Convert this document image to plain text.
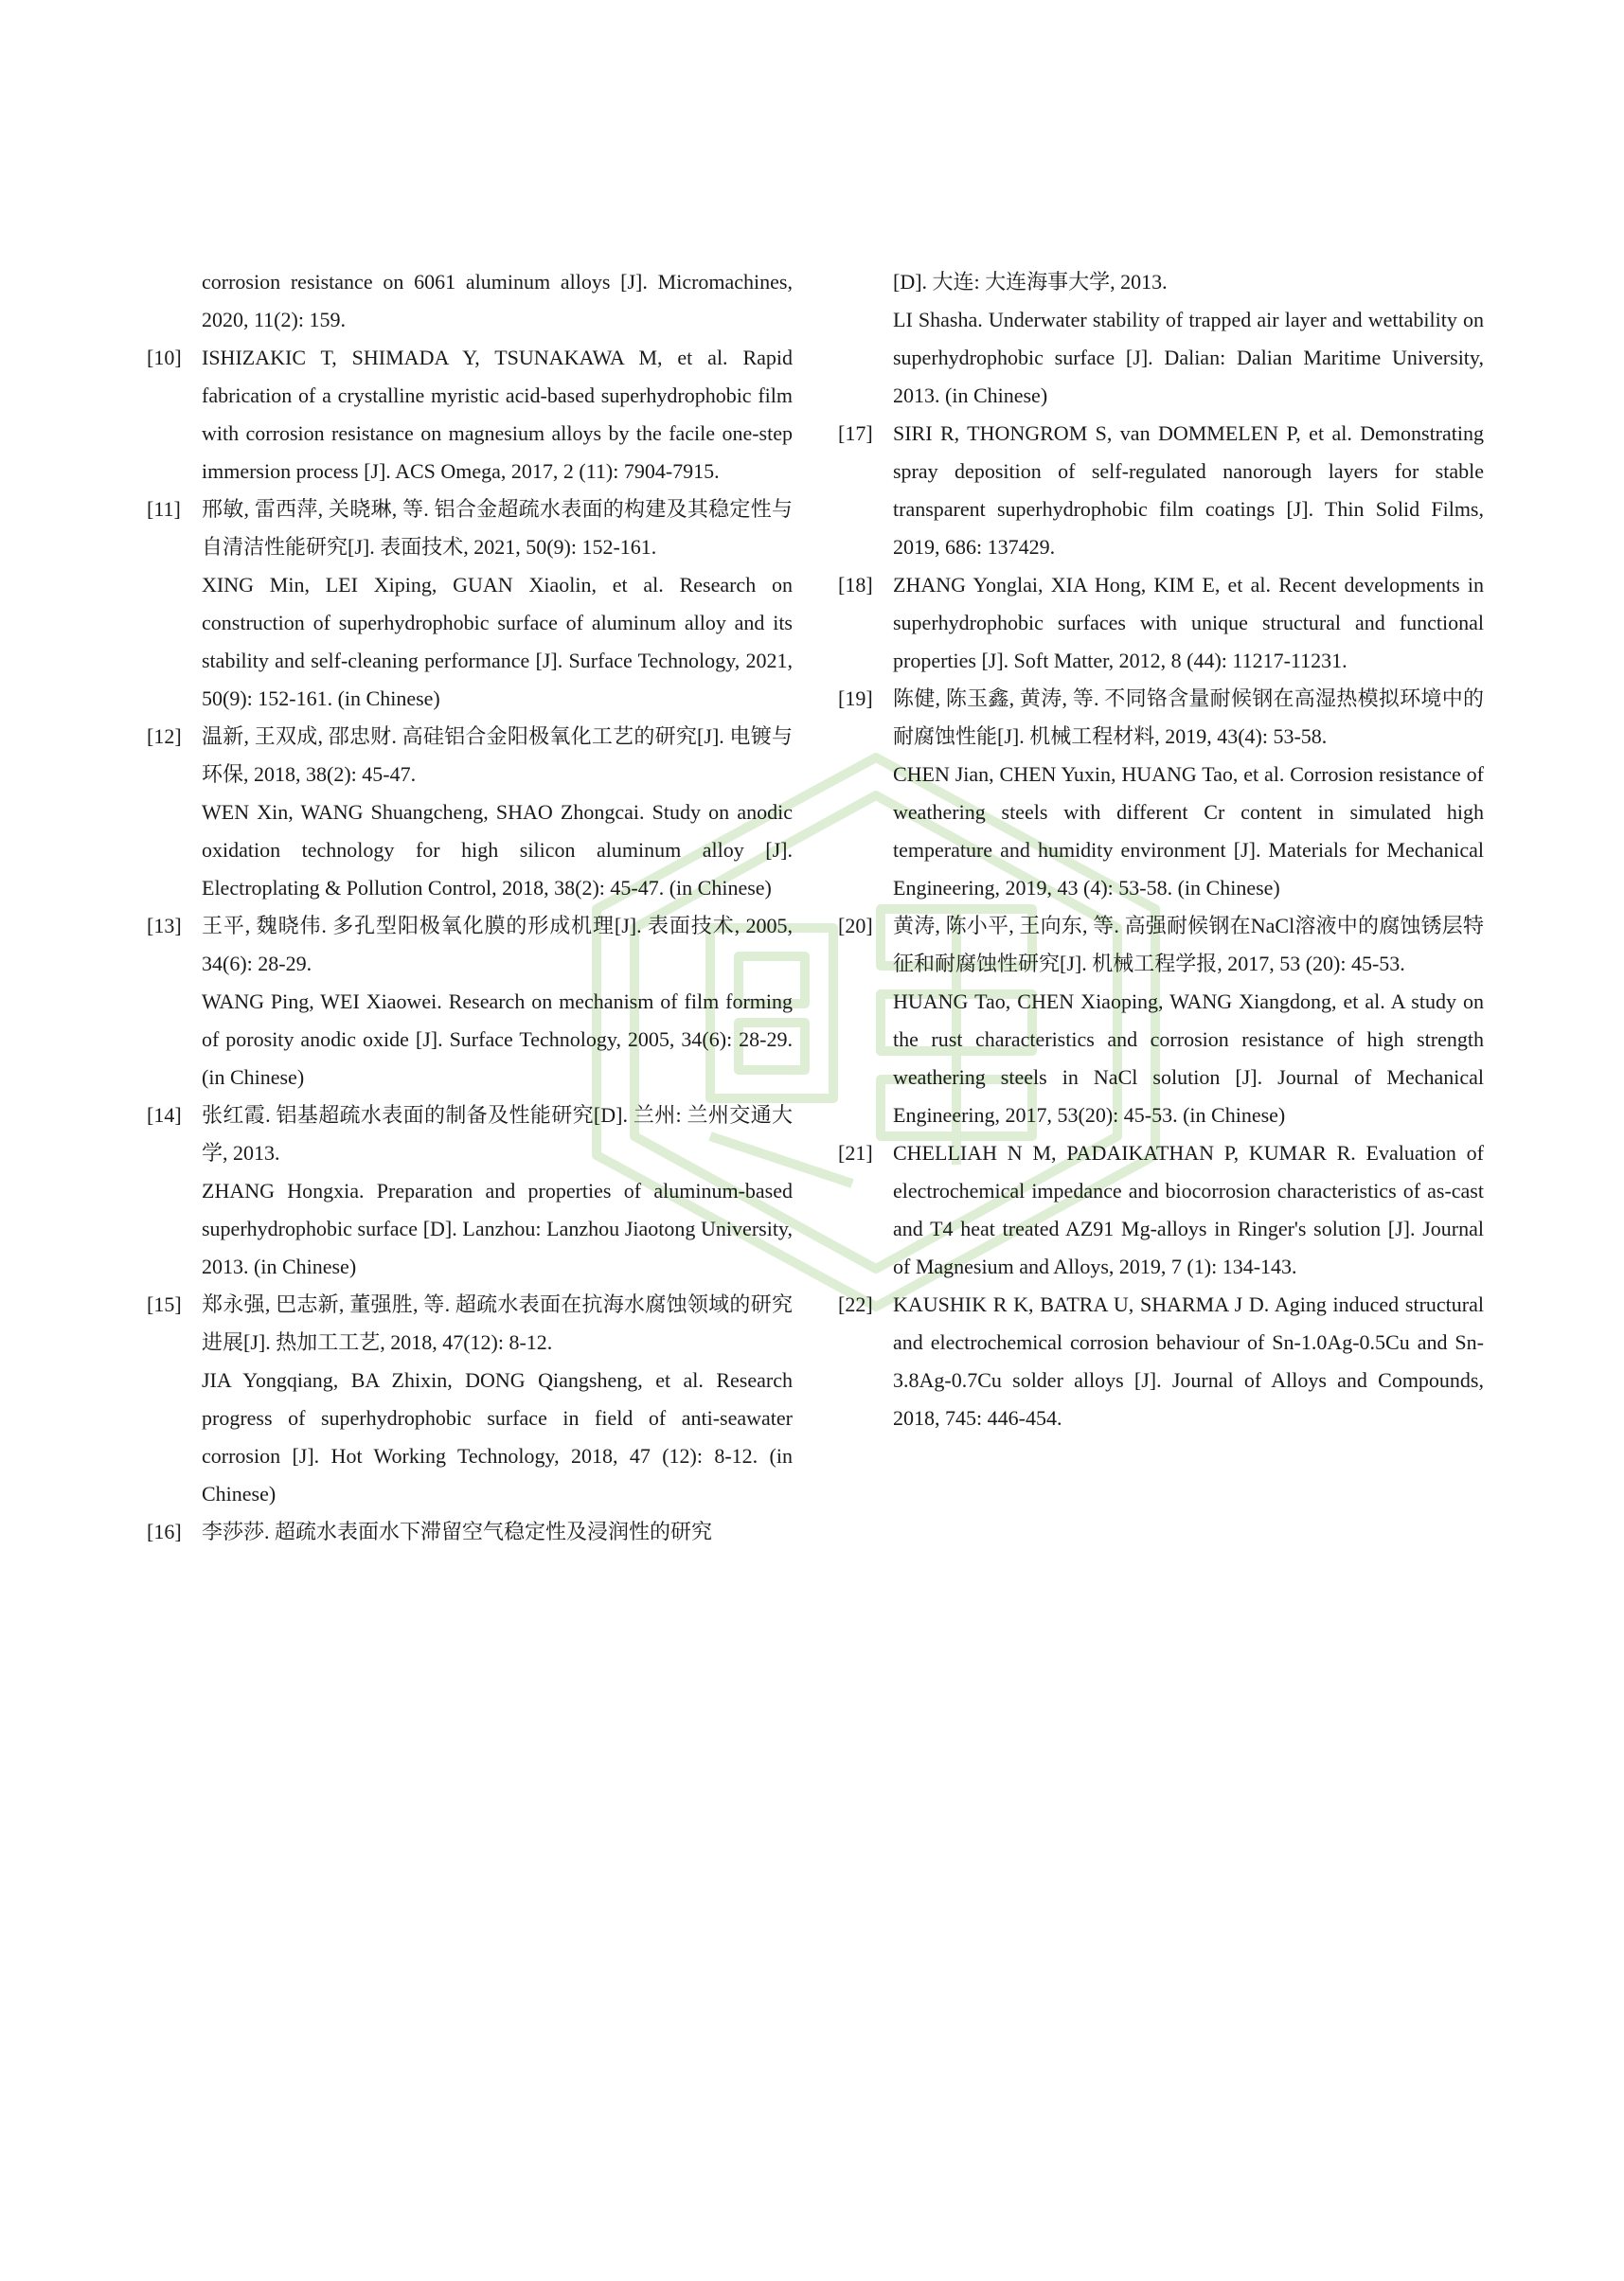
corrosion resistance on 6061 aluminum alloys [J]. Micromachines, 2020, 11(2): 159.

[10] ISHIZAKIC T, SHIMADA Y, TSUNAKAWA M, et al. Rapid fabrication of a crystalline myristic acid-based superhydrophobic film with corrosion resistance on magnesium alloys by the facile one-step immersion process [J]. ACS Omega, 2017, 2 (11): 7904-7915.

[11] 邢敏, 雷西萍, 关晓琳, 等. 铝合金超疏水表面的构建及其稳定性与自清洁性能研究[J]. 表面技术, 2021, 50(9): 152-161.

XING Min, LEI Xiping, GUAN Xiaolin, et al. Research on construction of superhydrophobic surface of aluminum alloy and its stability and self-cleaning performance [J]. Surface Technology, 2021, 50(9): 152-161. (in Chinese)

[12] 温新, 王双成, 邵忠财. 高硅铝合金阳极氧化工艺的研究[J]. 电镀与环保, 2018, 38(2): 45-47.

WEN Xin, WANG Shuangcheng, SHAO Zhongcai. Study on anodic oxidation technology for high silicon aluminum alloy [J]. Electroplating & Pollution Control, 2018, 38(2): 45-47. (in Chinese)

[13] 王平, 魏晓伟. 多孔型阳极氧化膜的形成机理[J]. 表面技术, 2005, 34(6): 28-29.

WANG Ping, WEI Xiaowei. Research on mechanism of film forming of porosity anodic oxide [J]. Surface Technology, 2005, 34(6): 28-29. (in Chinese)

[14] 张红霞. 铝基超疏水表面的制备及性能研究[D]. 兰州: 兰州交通大学, 2013.

ZHANG Hongxia. Preparation and properties of aluminum-based superhydrophobic surface [D]. Lanzhou: Lanzhou Jiaotong University, 2013. (in Chinese)

[15] 郑永强, 巴志新, 董强胜, 等. 超疏水表面在抗海水腐蚀领域的研究进展[J]. 热加工工艺, 2018, 47(12): 8-12.

JIA Yongqiang, BA Zhixin, DONG Qiangsheng, et al. Research progress of superhydrophobic surface in field of anti-seawater corrosion [J]. Hot Working Technology, 2018, 47 (12): 8-12. (in Chinese)

[16] 李莎莎. 超疏水表面水下滞留空气稳定性及浸润性的研究

[D]. 大连: 大连海事大学, 2013.

LI Shasha. Underwater stability of trapped air layer and wettability on superhydrophobic surface [J]. Dalian: Dalian Maritime University, 2013. (in Chinese)

[17] SIRI R, THONGROM S, van DOMMELEN P, et al. Demonstrating spray deposition of self-regulated nanorough layers for stable transparent superhydrophobic film coatings [J]. Thin Solid Films, 2019, 686: 137429.

[18] ZHANG Yonglai, XIA Hong, KIM E, et al. Recent developments in superhydrophobic surfaces with unique structural and functional properties [J]. Soft Matter, 2012, 8 (44): 11217-11231.

[19] 陈健, 陈玉鑫, 黄涛, 等. 不同铬含量耐候钢在高湿热模拟环境中的耐腐蚀性能[J]. 机械工程材料, 2019, 43(4): 53-58.

CHEN Jian, CHEN Yuxin, HUANG Tao, et al. Corrosion resistance of weathering steels with different Cr content in simulated high temperature and humidity environment [J]. Materials for Mechanical Engineering, 2019, 43 (4): 53-58. (in Chinese)

[20] 黄涛, 陈小平, 王向东, 等. 高强耐候钢在NaCl溶液中的腐蚀锈层特征和耐腐蚀性研究[J]. 机械工程学报, 2017, 53 (20): 45-53.

HUANG Tao, CHEN Xiaoping, WANG Xiangdong, et al. A study on the rust characteristics and corrosion resistance of high strength weathering steels in NaCl solution [J]. Journal of Mechanical Engineering, 2017, 53(20): 45-53. (in Chinese)

[21] CHELLIAH N M, PADAIKATHAN P, KUMAR R. Evaluation of electrochemical impedance and biocorrosion characteristics of as-cast and T4 heat treated AZ91 Mg-alloys in Ringer's solution [J]. Journal of Magnesium and Alloys, 2019, 7 (1): 134-143.

[22] KAUSHIK R K, BATRA U, SHARMA J D. Aging induced structural and electrochemical corrosion behaviour of Sn-1.0Ag-0.5Cu and Sn-3.8Ag-0.7Cu solder alloys [J]. Journal of Alloys and Compounds, 2018, 745: 446-454.
